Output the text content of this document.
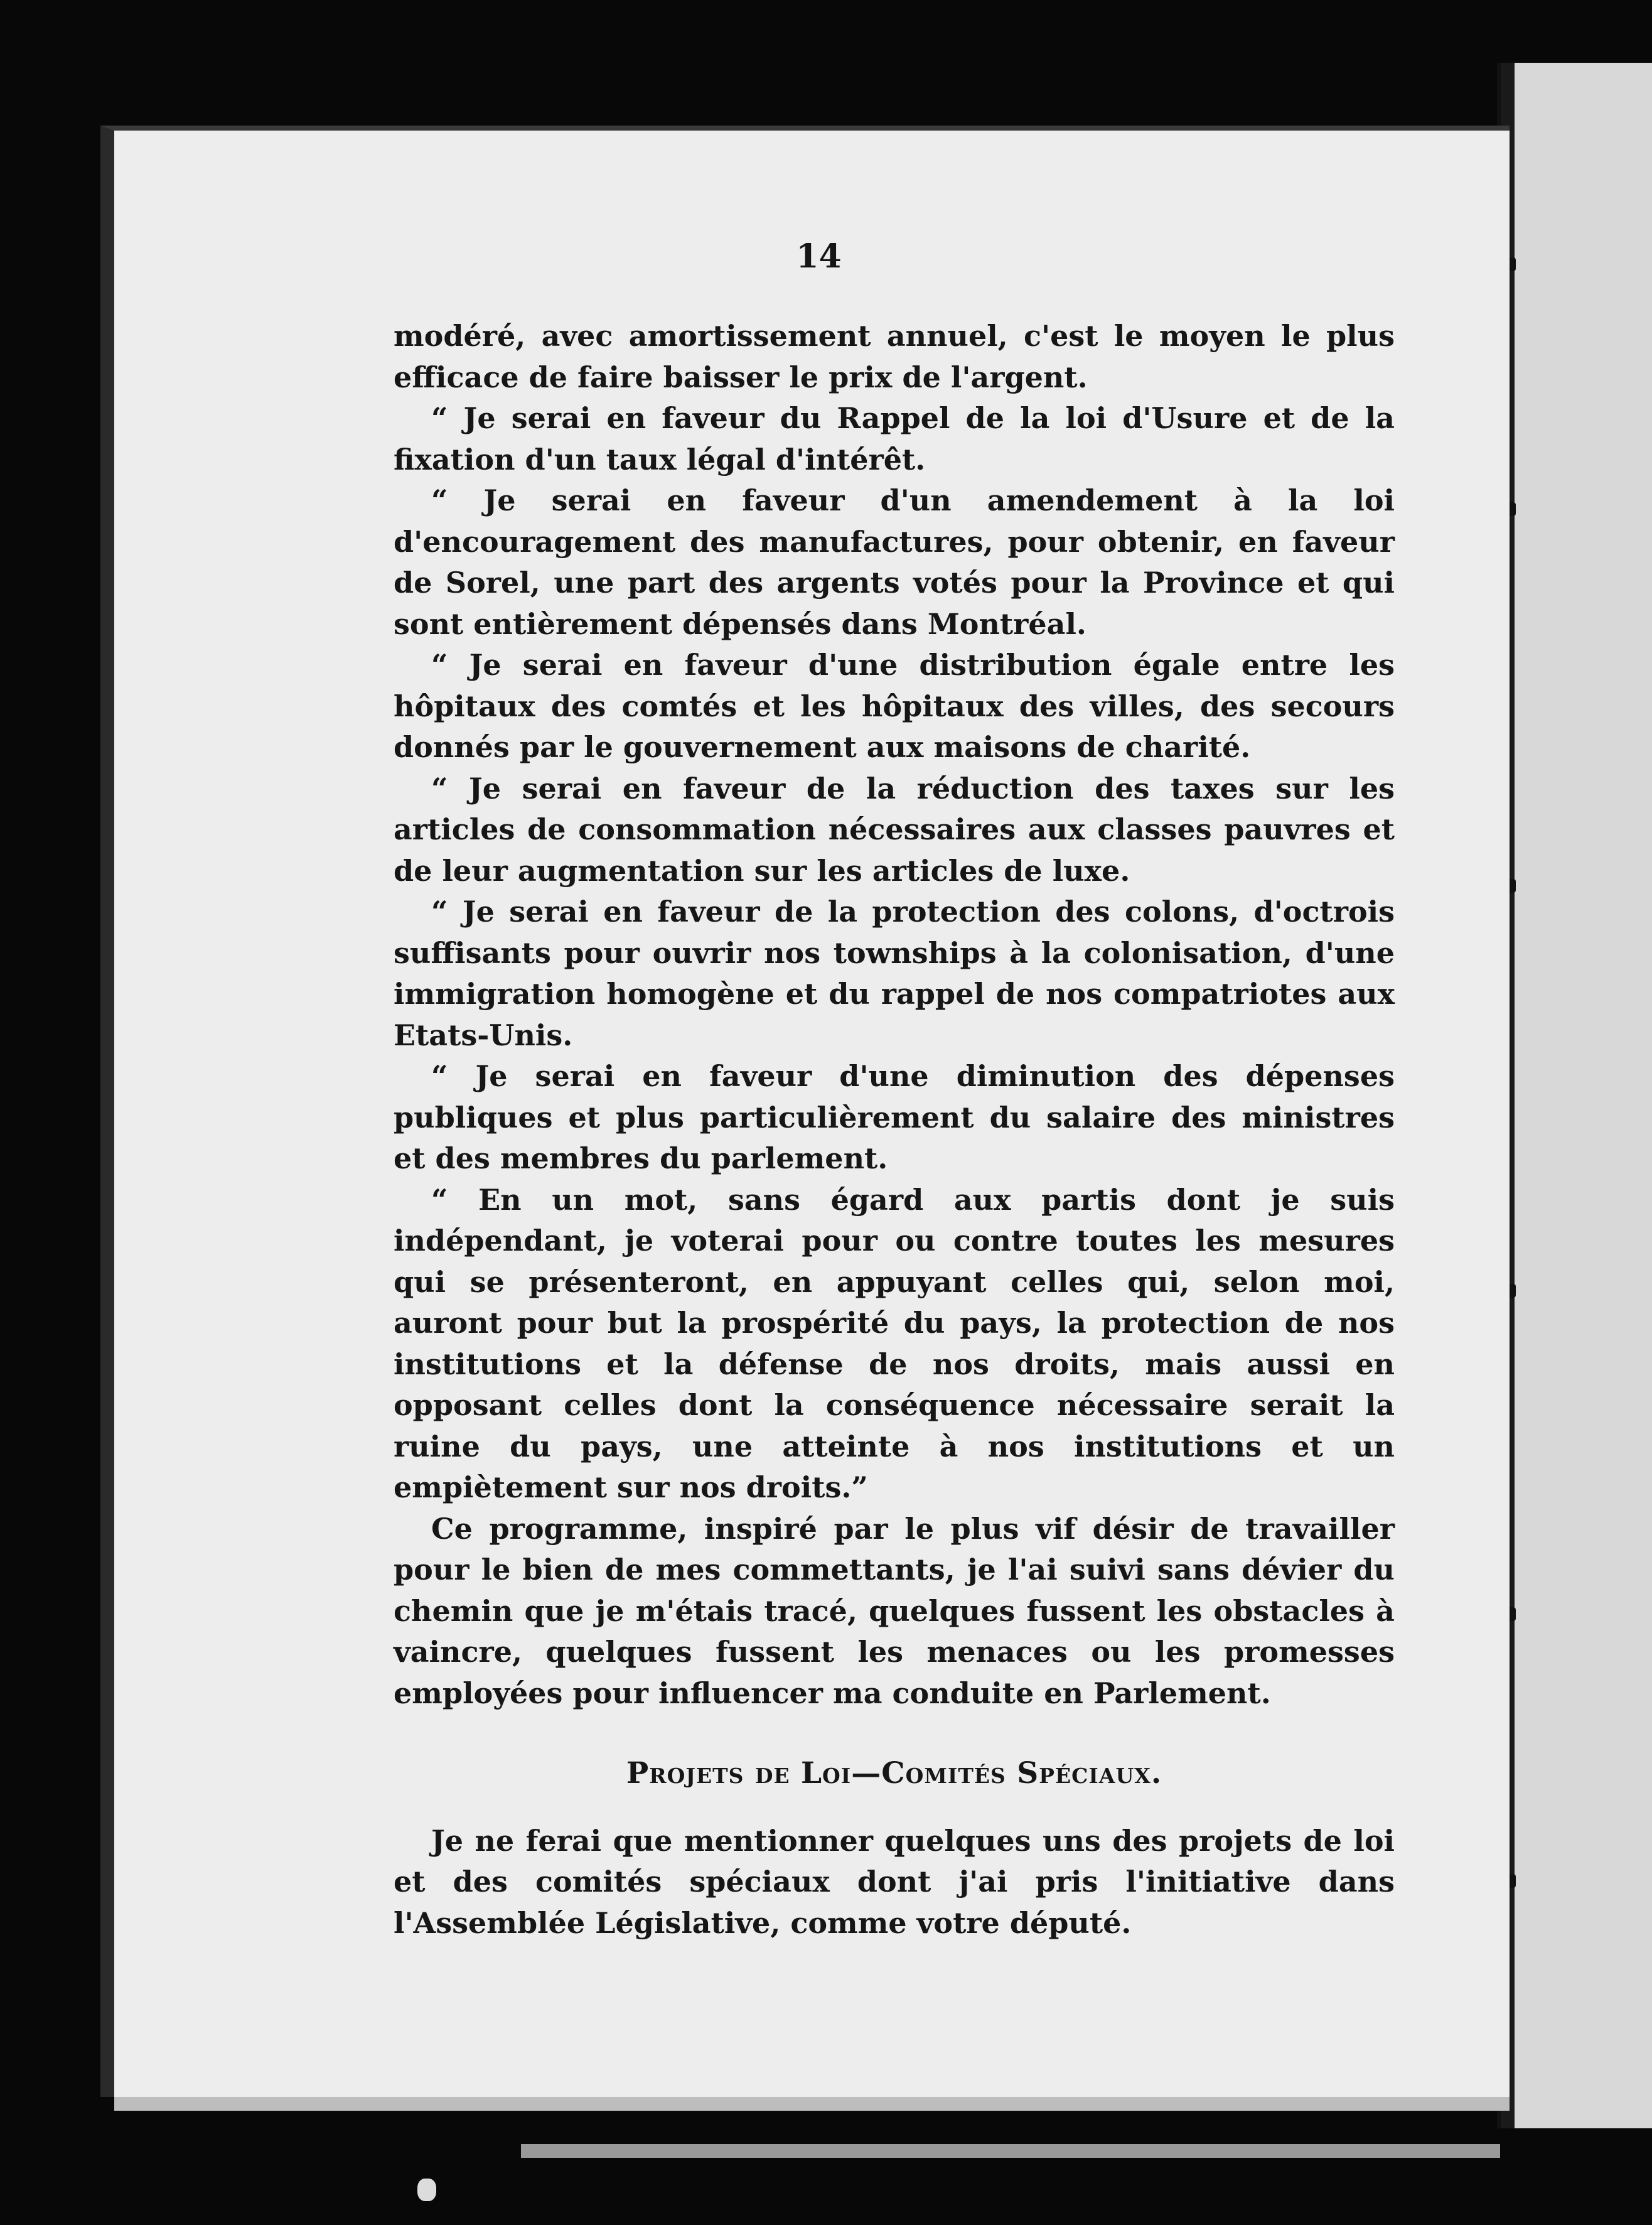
14

modéré, avec amortissement annuel, c'est le moyen le plus efficace de faire baisser le prix de l'argent.

“ Je serai en faveur du Rappel de la loi d'Usure et de la fixation d'un taux légal d'intérêt.

“ Je serai en faveur d'un amendement à la loi d'encouragement des manufactures, pour obtenir, en faveur de Sorel, une part des argents votés pour la Province et qui sont entièrement dépensés dans Montréal.

“ Je serai en faveur d'une distribution égale entre les hôpitaux des comtés et les hôpitaux des villes, des secours donnés par le gouvernement aux maisons de charité.

“ Je serai en faveur de la réduction des taxes sur les articles de consommation nécessaires aux classes pauvres et de leur augmentation sur les articles de luxe.

“ Je serai en faveur de la protection des colons, d'octrois suffisants pour ouvrir nos townships à la colonisation, d'une immigration homogène et du rappel de nos compatriotes aux Etats-Unis.

“ Je serai en faveur d'une diminution des dépenses publiques et plus particulièrement du salaire des ministres et des membres du parlement.

“ En un mot, sans égard aux partis dont je suis indépendant, je voterai pour ou contre toutes les mesures qui se présenteront, en appuyant celles qui, selon moi, auront pour but la prospérité du pays, la protection de nos institutions et la défense de nos droits, mais aussi en opposant celles dont la conséquence nécessaire serait la ruine du pays, une atteinte à nos institutions et un empiètement sur nos droits.”

Ce programme, inspiré par le plus vif désir de travailler pour le bien de mes commettants, je l'ai suivi sans dévier du chemin que je m'étais tracé, quelques fussent les obstacles à vaincre, quelques fussent les menaces ou les promesses employées pour influencer ma conduite en Parlement.

Projets de Loi—Comités Spéciaux.

Je ne ferai que mentionner quelques uns des projets de loi et des comités spéciaux dont j'ai pris l'initiative dans l'Assemblée Législative, comme votre député.
